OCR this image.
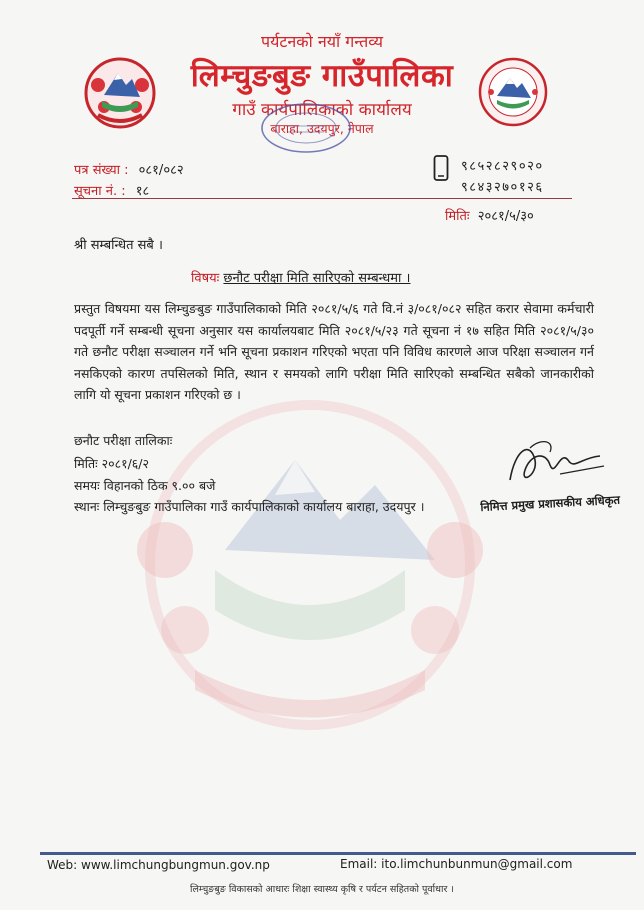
पर्यटनको नयाँ गन्तव्य
लिम्चुङबुङ गाउँपालिका
गाउँ कार्यपालिकाको कार्यालय
बाराहा, उदयपुर, नेपाल
पत्र संख्या : ०८१/०८२
सूचना नं. : १८
९८५२८२९०२०
९८४३२७०१२६
मितिः २०८१/५/३०
श्री सम्बन्धित सबै ।
विषयः छनौट परीक्षा मिति सारिएको सम्बन्धमा ।
प्रस्तुत विषयमा यस लिम्चुङबुङ गाउँपालिकाको मिति २०८१/५/६ गते वि.नं ३/०८१/०८२ सहित करार सेवामा कर्मचारी पदपूर्ती गर्ने सम्बन्धी सूचना अनुसार यस कार्यालयबाट मिति २०८१/५/२३ गते सूचना नं १७ सहित मिति २०८१/५/३० गते छनौट परीक्षा सञ्चालन गर्ने भनि सूचना प्रकाशन गरिएको भएता पनि विविध कारणले आज परिक्षा सञ्चालन गर्न नसकिएको कारण तपसिलको मिति, स्थान र समयको लागि परीक्षा मिति सारिएको सम्बन्धित सबैको जानकारीको लागि यो सूचना प्रकाशन गरिएको छ ।
छनौट परीक्षा तालिकाः
मितिः २०८१/६/२
समयः विहानको ठिक ९.०० बजे
स्थानः लिम्चुङबुङ गाउँपालिका गाउँ कार्यपालिकाको कार्यालय बाराहा, उदयपुर ।	निमित्त प्रमुख प्रशासकीय अधिकृत
Web: www.limchungbungmun.gov.np	Email: ito.limchunbunmun@gmail.com
लिम्चुङबुङ विकासको आधारः शिक्षा स्वास्थ्य कृषि र पर्यटन सहितको पूर्वाधार ।
